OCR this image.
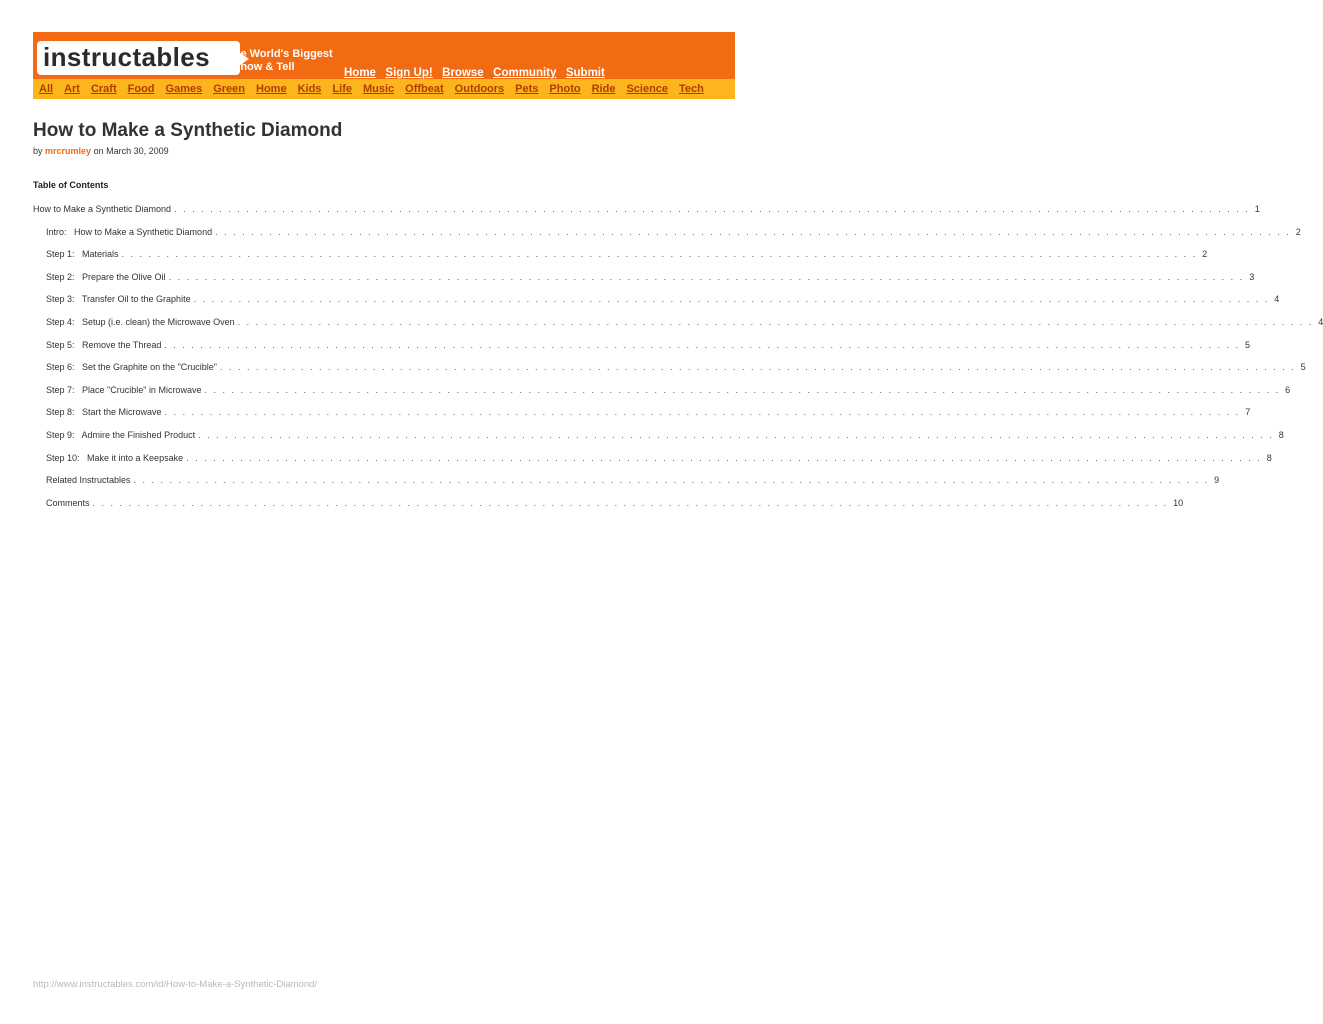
instructables The World's Biggest
Show & Tell	Home Sign Up! Browse Community Submit
All Art Craft Food Games Green Home Kids Life Music Offbeat Outdoors Pets Photo Ride Science Tech
How to Make a Synthetic Diamond
by mrcrumley on March 30, 2009
Table of Contents
How to Make a Synthetic Diamond . . . . . . . . . . . . . . . . . . . . . . . . . . . . . . . . . . . . . . . . . . . . . . . . . . . . . . . . . . . . . . . . . . . . . . . . . . . . . . . . . . . . . . . . . . . . . . . . . . . . . . . . . . . . . . . . . . . . . . . . 1
Intro:   How to Make a Synthetic Diamond . . . . . . . . . . . . . . . . . . . . . . . . . . . . . . . . . . . . . . . . . . . . . . . . . . . . . . . . . . . . . . . . . . . . . . . . . . . . . . . . . . . . . . . . . . . . . . . . . . . . . . . . . . . . . . . . . . . . . . . . 2
Step 1:   Materials . . . . . . . . . . . . . . . . . . . . . . . . . . . . . . . . . . . . . . . . . . . . . . . . . . . . . . . . . . . . . . . . . . . . . . . . . . . . . . . . . . . . . . . . . . . . . . . . . . . . . . . . . . . . . . . . . . . . . . . . 2
Step 2:   Prepare the Olive Oil . . . . . . . . . . . . . . . . . . . . . . . . . . . . . . . . . . . . . . . . . . . . . . . . . . . . . . . . . . . . . . . . . . . . . . . . . . . . . . . . . . . . . . . . . . . . . . . . . . . . . . . . . . . . . . . . . . . . . . . . 3
Step 3:   Transfer Oil to the Graphite . . . . . . . . . . . . . . . . . . . . . . . . . . . . . . . . . . . . . . . . . . . . . . . . . . . . . . . . . . . . . . . . . . . . . . . . . . . . . . . . . . . . . . . . . . . . . . . . . . . . . . . . . . . . . . . . . . . . . . . . 4
Step 4:   Setup (i.e. clean) the Microwave Oven . . . . . . . . . . . . . . . . . . . . . . . . . . . . . . . . . . . . . . . . . . . . . . . . . . . . . . . . . . . . . . . . . . . . . . . . . . . . . . . . . . . . . . . . . . . . . . . . . . . . . . . . . . . . . . . . . . . . . . . . 4
Step 5:   Remove the Thread . . . . . . . . . . . . . . . . . . . . . . . . . . . . . . . . . . . . . . . . . . . . . . . . . . . . . . . . . . . . . . . . . . . . . . . . . . . . . . . . . . . . . . . . . . . . . . . . . . . . . . . . . . . . . . . . . . . . . . . . 5
Step 6:   Set the Graphite on the "Crucible" . . . . . . . . . . . . . . . . . . . . . . . . . . . . . . . . . . . . . . . . . . . . . . . . . . . . . . . . . . . . . . . . . . . . . . . . . . . . . . . . . . . . . . . . . . . . . . . . . . . . . . . . . . . . . . . . . . . . . . . . 5
Step 7:   Place "Crucible" in Microwave . . . . . . . . . . . . . . . . . . . . . . . . . . . . . . . . . . . . . . . . . . . . . . . . . . . . . . . . . . . . . . . . . . . . . . . . . . . . . . . . . . . . . . . . . . . . . . . . . . . . . . . . . . . . . . . . . . . . . . . . 6
Step 8:   Start the Microwave . . . . . . . . . . . . . . . . . . . . . . . . . . . . . . . . . . . . . . . . . . . . . . . . . . . . . . . . . . . . . . . . . . . . . . . . . . . . . . . . . . . . . . . . . . . . . . . . . . . . . . . . . . . . . . . . . . . . . . . . 7
Step 9:   Admire the Finished Product . . . . . . . . . . . . . . . . . . . . . . . . . . . . . . . . . . . . . . . . . . . . . . . . . . . . . . . . . . . . . . . . . . . . . . . . . . . . . . . . . . . . . . . . . . . . . . . . . . . . . . . . . . . . . . . . . . . . . . . . 8
Step 10:   Make it into a Keepsake . . . . . . . . . . . . . . . . . . . . . . . . . . . . . . . . . . . . . . . . . . . . . . . . . . . . . . . . . . . . . . . . . . . . . . . . . . . . . . . . . . . . . . . . . . . . . . . . . . . . . . . . . . . . . . . . . . . . . . . . 8
Related Instructables . . . . . . . . . . . . . . . . . . . . . . . . . . . . . . . . . . . . . . . . . . . . . . . . . . . . . . . . . . . . . . . . . . . . . . . . . . . . . . . . . . . . . . . . . . . . . . . . . . . . . . . . . . . . . . . . . . . . . . . . 9
Comments . . . . . . . . . . . . . . . . . . . . . . . . . . . . . . . . . . . . . . . . . . . . . . . . . . . . . . . . . . . . . . . . . . . . . . . . . . . . . . . . . . . . . . . . . . . . . . . . . . . . . . . . . . . . . . . . . . . . . . . . 10
http://www.instructables.com/id/How-to-Make-a-Synthetic-Diamond/
